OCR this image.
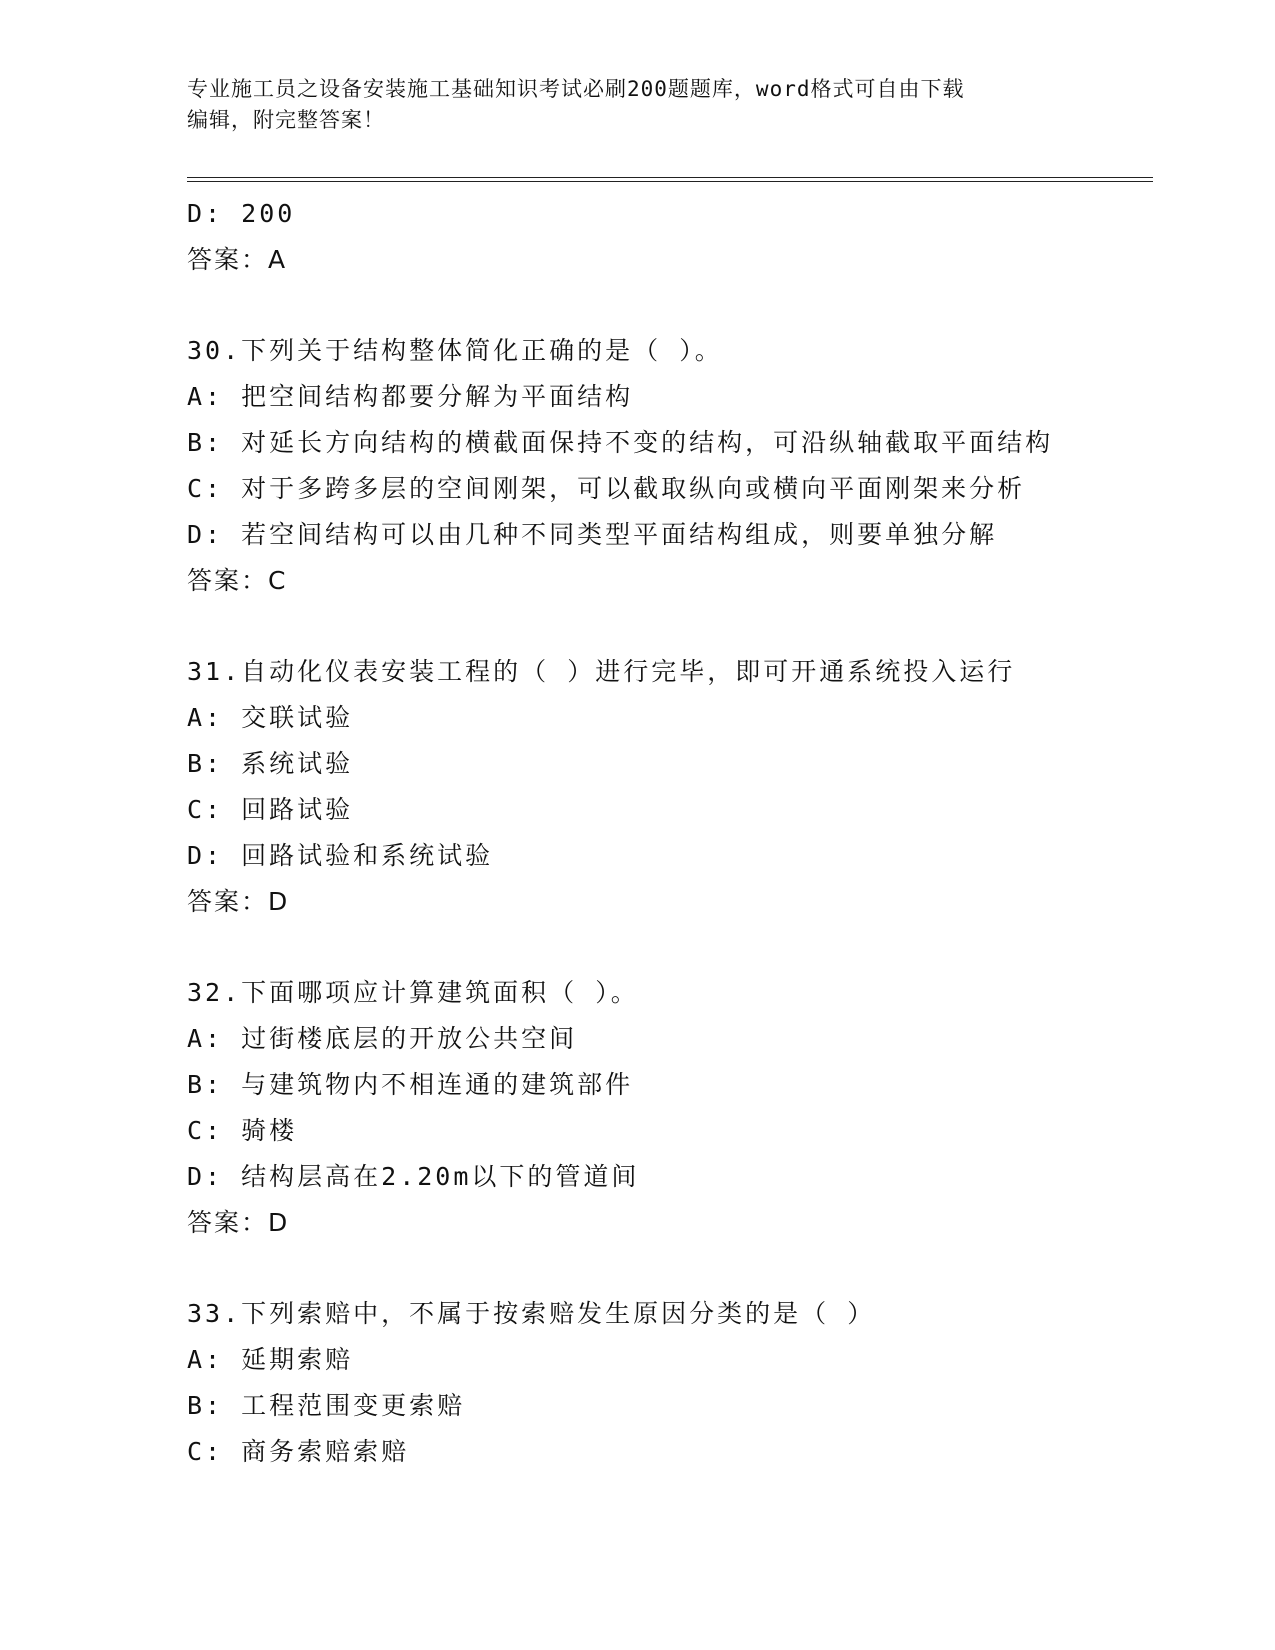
专业施工员之设备安装施工基础知识考试必刷200题题库，word格式可自由下载
编辑，附完整答案！
D: 200
答案：A
30.下列关于结构整体简化正确的是（ ）。
A: 把空间结构都要分解为平面结构
B: 对延长方向结构的横截面保持不变的结构，可沿纵轴截取平面结构
C: 对于多跨多层的空间刚架，可以截取纵向或横向平面刚架来分析
D: 若空间结构可以由几种不同类型平面结构组成，则要单独分解
答案：C
31.自动化仪表安装工程的（ ）进行完毕，即可开通系统投入运行
A: 交联试验
B: 系统试验
C: 回路试验
D: 回路试验和系统试验
答案：D
32.下面哪项应计算建筑面积（ ）。
A: 过街楼底层的开放公共空间
B: 与建筑物内不相连通的建筑部件
C: 骑楼
D: 结构层高在2.20m以下的管道间
答案：D
33.下列索赔中，不属于按索赔发生原因分类的是（ ）
A: 延期索赔
B: 工程范围变更索赔
C: 商务索赔索赔
